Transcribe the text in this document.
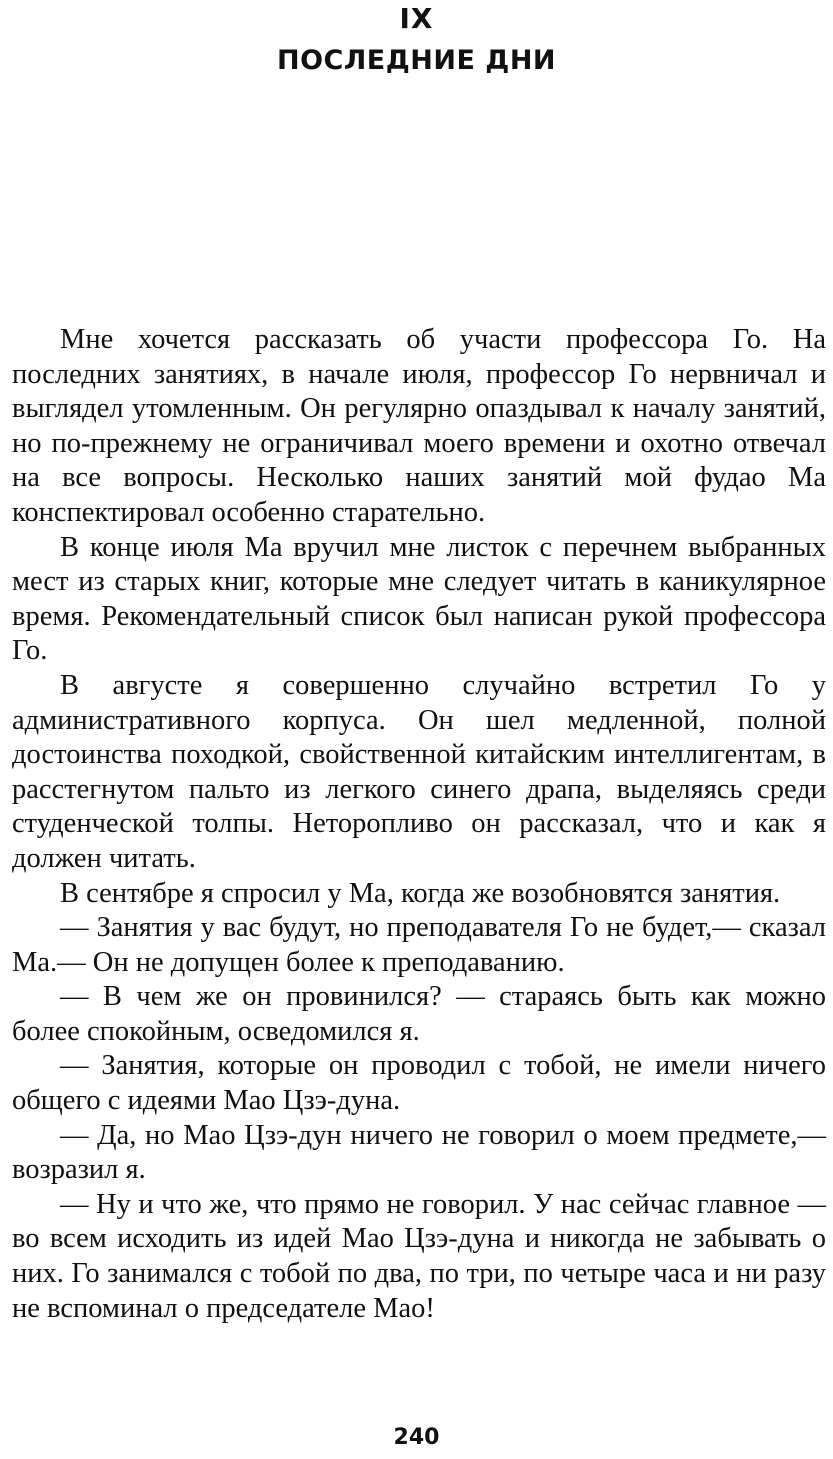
IX
ПОСЛЕДНИЕ ДНИ

Мне хочется рассказать об участи профессора Го. На последних занятиях, в начале июля, профессор Го нервничал и выглядел утомленным. Он регулярно опаздывал к началу занятий, но по-прежнему не ограничивал моего времени и охотно отвечал на все вопросы. Несколько наших занятий мой фудао Ма конспектировал особенно старательно.

В конце июля Ма вручил мне листок с перечнем выбранных мест из старых книг, которые мне следует читать в каникулярное время. Рекомендательный список был написан рукой профессора Го.

В августе я совершенно случайно встретил Го у административного корпуса. Он шел медленной, полной достоинства походкой, свойственной китайским интеллигентам, в расстегнутом пальто из легкого синего драпа, выделяясь среди студенческой толпы. Неторопливо он рассказал, что и как я должен читать.

В сентябре я спросил у Ма, когда же возобновятся занятия.

— Занятия у вас будут, но преподавателя Го не будет,— сказал Ма.— Он не допущен более к преподаванию.

— В чем же он провинился? — стараясь быть как можно более спокойным, осведомился я.

— Занятия, которые он проводил с тобой, не имели ничего общего с идеями Мао Цзэ-дуна.

— Да, но Мао Цзэ-дун ничего не говорил о моем предмете,— возразил я.

— Ну и что же, что прямо не говорил. У нас сейчас главное — во всем исходить из идей Мао Цзэ-дуна и никогда не забывать о них. Го занимался с тобой по два, по три, по четыре часа и ни разу не вспоминал о председателе Мао!

240
